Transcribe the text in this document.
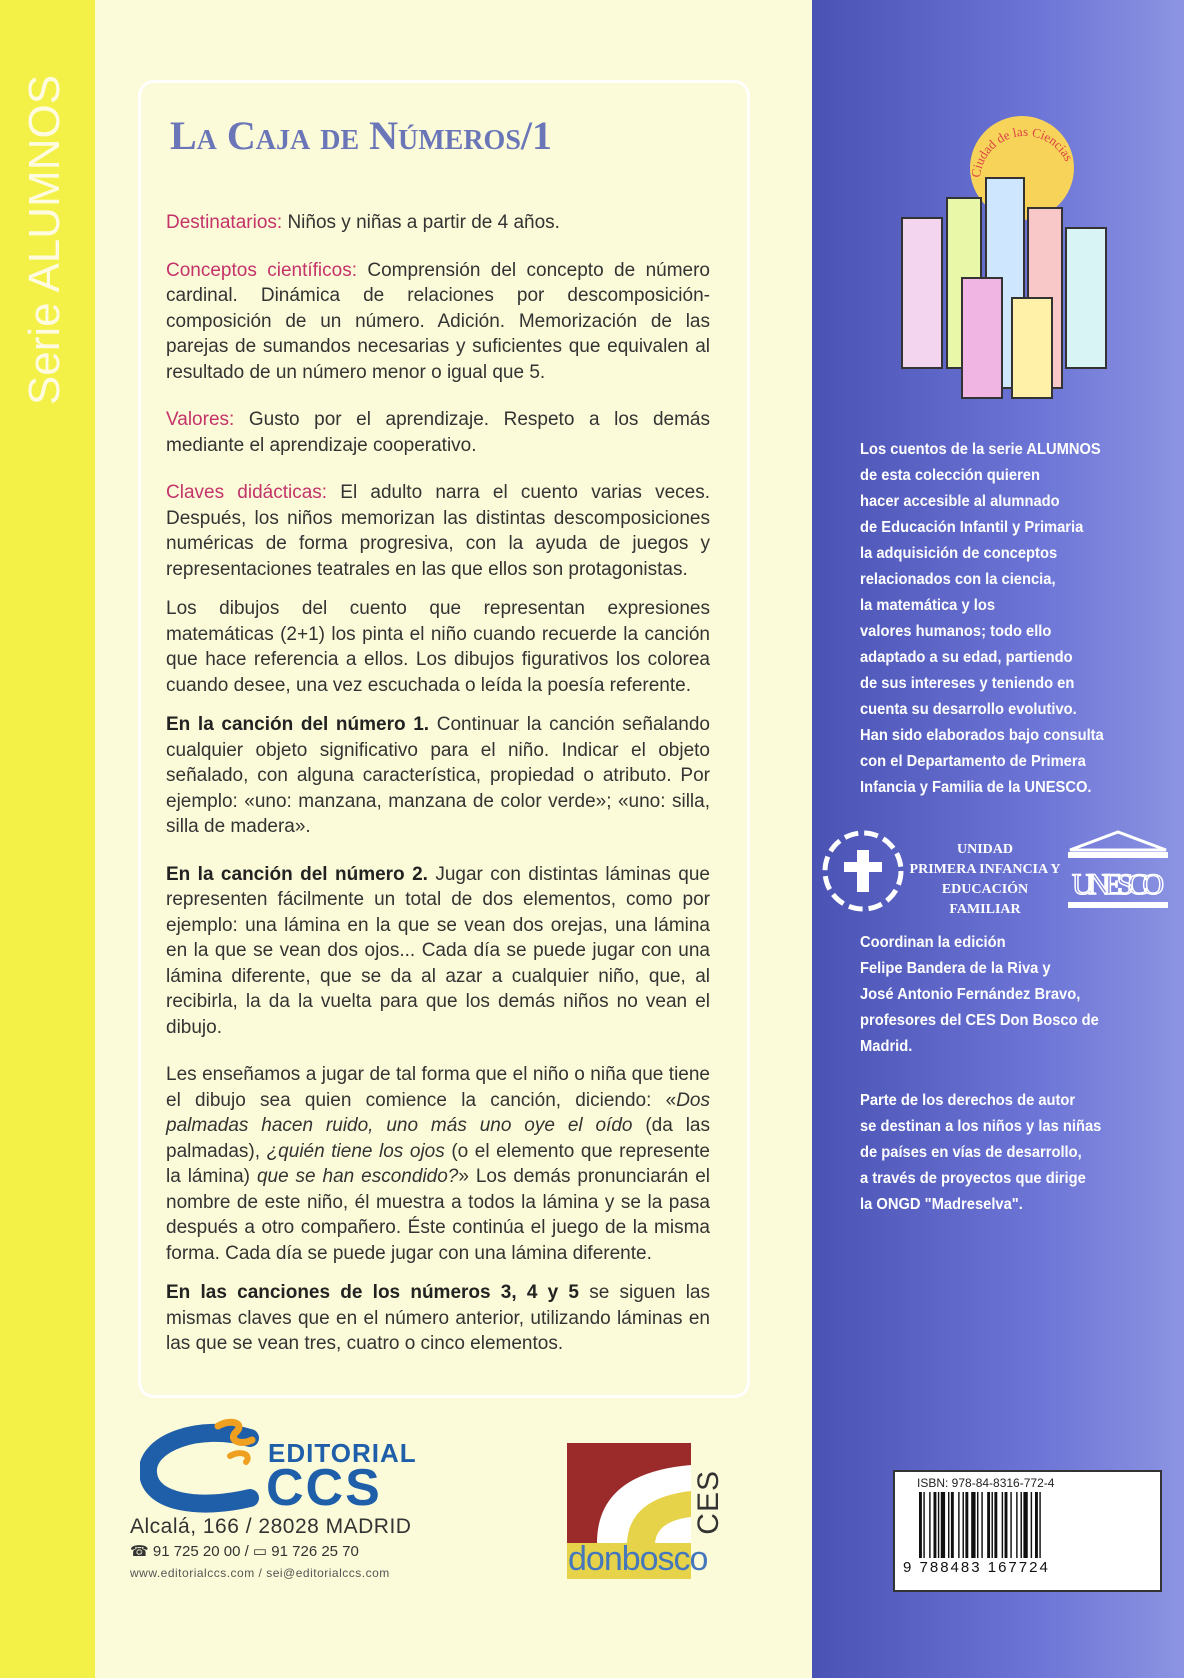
Serie ALUMNOS	La Caja de Números/1

Destinatarios: Niños y niñas a partir de 4 años.

Conceptos científicos: Comprensión del concepto de número cardinal. Dinámica de relaciones por descomposición-composición de un número. Adición. Memorización de las parejas de sumandos necesarias y suficientes que equivalen al resultado de un número menor o igual que 5.

Valores: Gusto por el aprendizaje. Respeto a los demás mediante el aprendizaje cooperativo.

Claves didácticas: El adulto narra el cuento varias veces. Después, los niños memorizan las distintas descomposiciones numéricas de forma progresiva, con la ayuda de juegos y representaciones teatrales en las que ellos son protagonistas.

Los dibujos del cuento que representan expresiones matemáticas (2+1) los pinta el niño cuando recuerde la canción que hace referencia a ellos. Los dibujos figurativos los colorea cuando desee, una vez escuchada o leída la poesía referente.

En la canción del número 1. Continuar la canción señalando cualquier objeto significativo para el niño. Indicar el objeto señalado, con alguna característica, propiedad o atributo. Por ejemplo: «uno: manzana, manzana de color verde»; «uno: silla, silla de madera».

En la canción del número 2. Jugar con distintas láminas que representen fácilmente un total de dos elementos, como por ejemplo: una lámina en la que se vean dos orejas, una lámina en la que se vean dos ojos... Cada día se puede jugar con una lámina diferente, que se da al azar a cualquier niño, que, al recibirla, la da la vuelta para que los demás niños no vean el dibujo.

Les enseñamos a jugar de tal forma que el niño o niña que tiene el dibujo sea quien comience la canción, diciendo: «Dos palmadas hacen ruido, uno más uno oye el oído (da las palmadas), ¿quién tiene los ojos (o el elemento que represente la lámina) que se han escondido?» Los demás pronunciarán el nombre de este niño, él muestra a todos la lámina y se la pasa después a otro compañero. Éste continúa el juego de la misma forma. Cada día se puede jugar con una lámina diferente.

En las canciones de los números 3, 4 y 5 se siguen las mismas claves que en el número anterior, utilizando láminas en las que se vean tres, cuatro o cinco elementos.

EDITORIAL
CCS
Alcalá, 166 / 28028 MADRID
☎ 91 725 20 00 / ▭ 91 726 25 70
www.editorialccs.com / sei@editorialccs.com
CES
donbosco
Ciudad de las Ciencias
Los cuentos de la serie ALUMNOS
de esta colección quieren
hacer accesible al alumnado
de Educación Infantil y Primaria
la adquisición de conceptos
relacionados con la ciencia,
la matemática y los
valores humanos; todo ello
adaptado a su edad, partiendo
de sus intereses y teniendo en
cuenta su desarrollo evolutivo.
Han sido elaborados bajo consulta
con el Departamento de Primera
Infancia y Familia de la UNESCO.
UNIDAD
PRIMERA INFANCIA Y
EDUCACIÓN FAMILIAR
UNESCO
Coordinan la edición
Felipe Bandera de la Riva y
José Antonio Fernández Bravo,
profesores del CES Don Bosco de
Madrid.
Parte de los derechos de autor
se destinan a los niños y las niñas
de países en vías de desarrollo,
a través de proyectos que dirige
la ONGD "Madreselva".
ISBN: 978-84-8316-772-4
9 788483 167724
